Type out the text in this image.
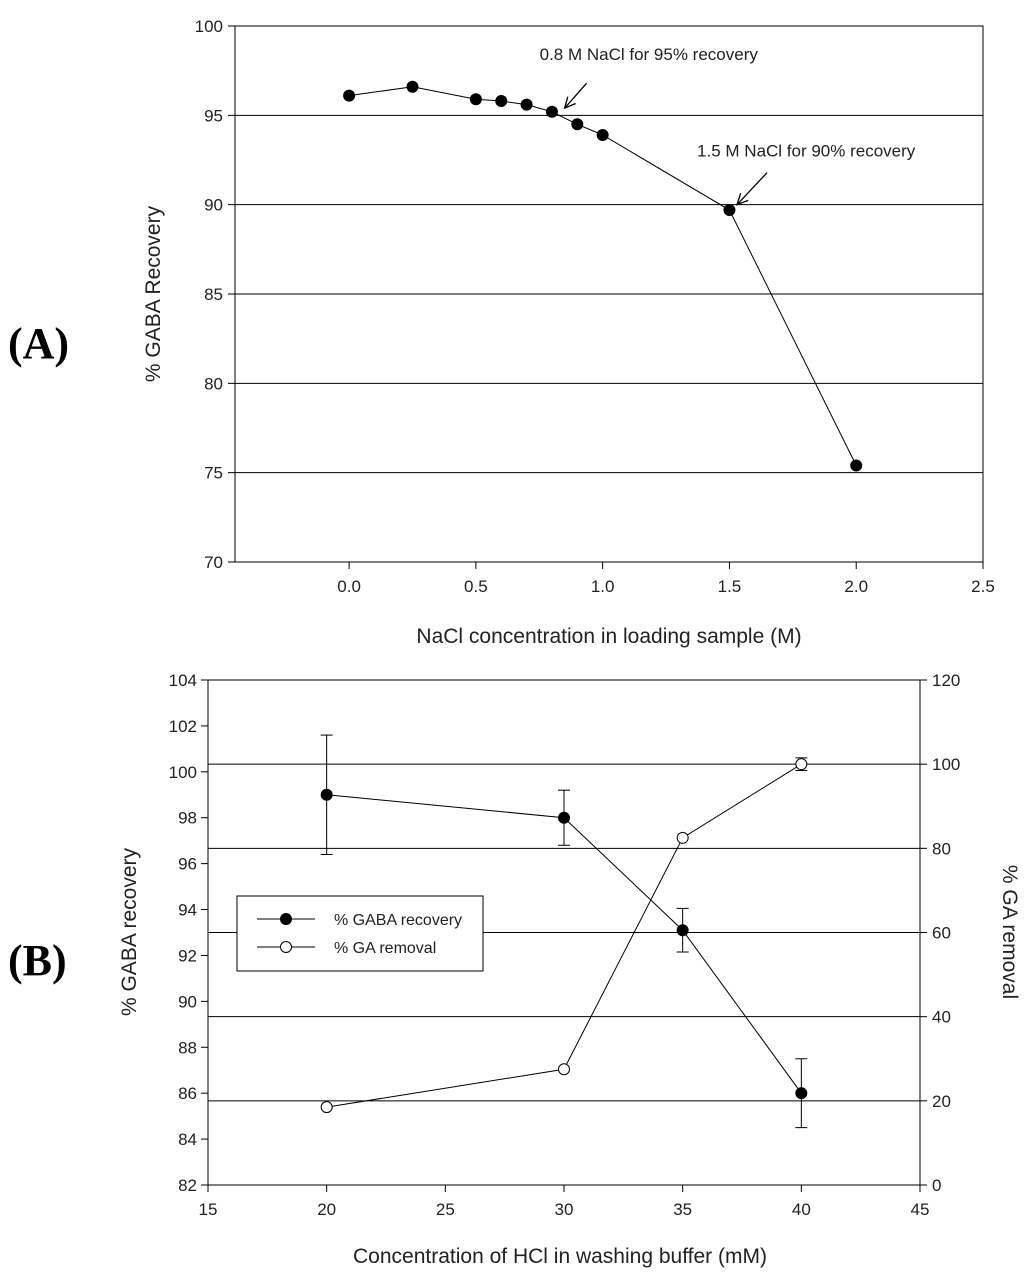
(A)
70
75
80
85
90
95
100
0.0	0.5	1.0	1.5	2.0	2.5
0.8 M NaCl for 95% recovery
1.5 M NaCl for 90% recovery
NaCl concentration in loading sample (M)
% GABA Recovery
(B)
82
84
86
88
90
92
94
96
98
100
102
104
0
20
40
60
80
100
120
15	20	25	30	35	40	45
% GABA recovery
% GA removal
Concentration of HCl in washing buffer (mM)
% GABA recovery	% GA removal
